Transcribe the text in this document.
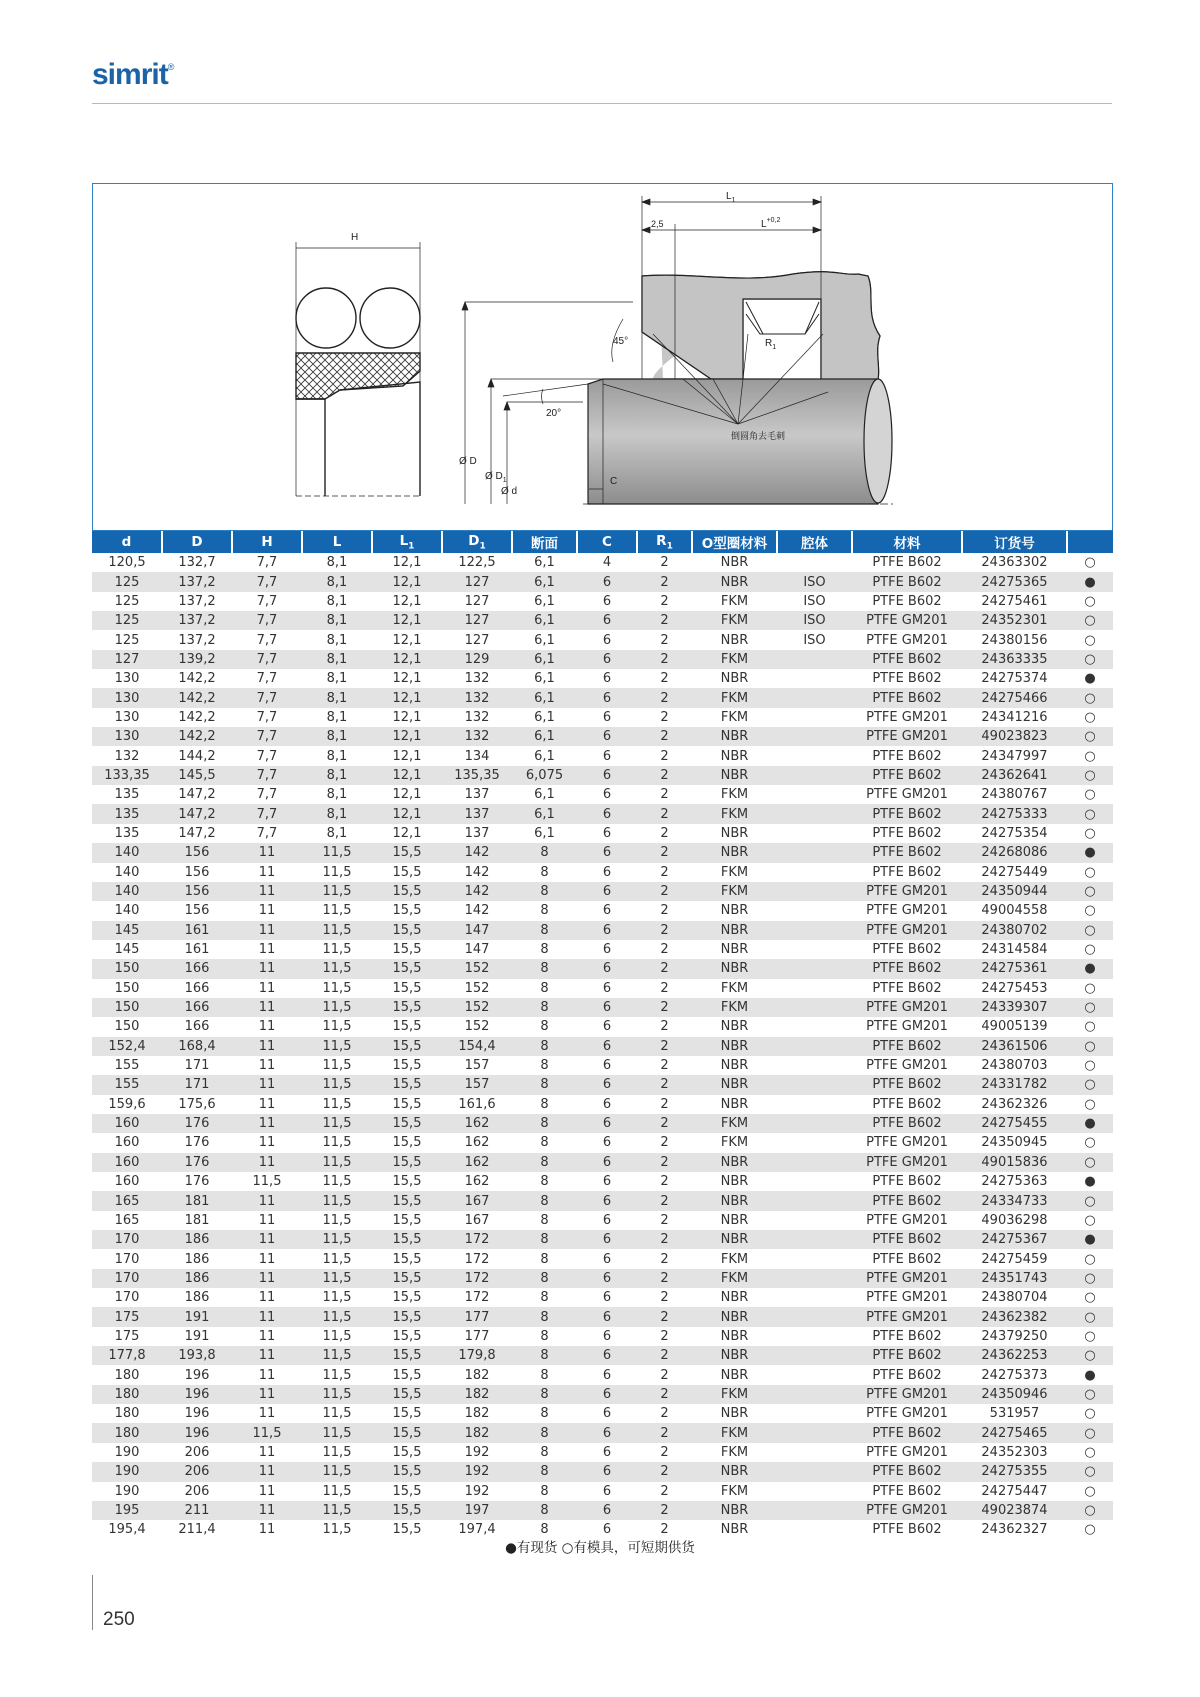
simrit®
H
Ø D
Ø $D_1$
Ø d
$L_1$
2,5	$L^{+0,2}$
45°
20°
$R_1$
C
倒圆角去毛刺
d	D	H	L	$L_1$	$D_1$	断面	C	$R_1$	O型圈材料	腔体	材料	订货号	
120,5	132,7	7,7	8,1	12,1	122,5	6,1	4	2	NBR		PTFE B602	24363302	○
125	137,2	7,7	8,1	12,1	127	6,1	6	2	NBR	ISO	PTFE B602	24275365	●
125	137,2	7,7	8,1	12,1	127	6,1	6	2	FKM	ISO	PTFE B602	24275461	○
125	137,2	7,7	8,1	12,1	127	6,1	6	2	FKM	ISO	PTFE GM201	24352301	○
125	137,2	7,7	8,1	12,1	127	6,1	6	2	NBR	ISO	PTFE GM201	24380156	○
127	139,2	7,7	8,1	12,1	129	6,1	6	2	FKM		PTFE B602	24363335	○
130	142,2	7,7	8,1	12,1	132	6,1	6	2	NBR		PTFE B602	24275374	●
130	142,2	7,7	8,1	12,1	132	6,1	6	2	FKM		PTFE B602	24275466	○
130	142,2	7,7	8,1	12,1	132	6,1	6	2	FKM		PTFE GM201	24341216	○
130	142,2	7,7	8,1	12,1	132	6,1	6	2	NBR		PTFE GM201	49023823	○
132	144,2	7,7	8,1	12,1	134	6,1	6	2	NBR		PTFE B602	24347997	○
133,35	145,5	7,7	8,1	12,1	135,35	6,075	6	2	NBR		PTFE B602	24362641	○
135	147,2	7,7	8,1	12,1	137	6,1	6	2	FKM		PTFE GM201	24380767	○
135	147,2	7,7	8,1	12,1	137	6,1	6	2	FKM		PTFE B602	24275333	○
135	147,2	7,7	8,1	12,1	137	6,1	6	2	NBR		PTFE B602	24275354	○
140	156	11	11,5	15,5	142	8	6	2	NBR		PTFE B602	24268086	●
140	156	11	11,5	15,5	142	8	6	2	FKM		PTFE B602	24275449	○
140	156	11	11,5	15,5	142	8	6	2	FKM		PTFE GM201	24350944	○
140	156	11	11,5	15,5	142	8	6	2	NBR		PTFE GM201	49004558	○
145	161	11	11,5	15,5	147	8	6	2	NBR		PTFE GM201	24380702	○
145	161	11	11,5	15,5	147	8	6	2	NBR		PTFE B602	24314584	○
150	166	11	11,5	15,5	152	8	6	2	NBR		PTFE B602	24275361	●
150	166	11	11,5	15,5	152	8	6	2	FKM		PTFE B602	24275453	○
150	166	11	11,5	15,5	152	8	6	2	FKM		PTFE GM201	24339307	○
150	166	11	11,5	15,5	152	8	6	2	NBR		PTFE GM201	49005139	○
152,4	168,4	11	11,5	15,5	154,4	8	6	2	NBR		PTFE B602	24361506	○
155	171	11	11,5	15,5	157	8	6	2	NBR		PTFE GM201	24380703	○
155	171	11	11,5	15,5	157	8	6	2	NBR		PTFE B602	24331782	○
159,6	175,6	11	11,5	15,5	161,6	8	6	2	NBR		PTFE B602	24362326	○
160	176	11	11,5	15,5	162	8	6	2	FKM		PTFE B602	24275455	●
160	176	11	11,5	15,5	162	8	6	2	FKM		PTFE GM201	24350945	○
160	176	11	11,5	15,5	162	8	6	2	NBR		PTFE GM201	49015836	○
160	176	11,5	11,5	15,5	162	8	6	2	NBR		PTFE B602	24275363	●
165	181	11	11,5	15,5	167	8	6	2	NBR		PTFE B602	24334733	○
165	181	11	11,5	15,5	167	8	6	2	NBR		PTFE GM201	49036298	○
170	186	11	11,5	15,5	172	8	6	2	NBR		PTFE B602	24275367	●
170	186	11	11,5	15,5	172	8	6	2	FKM		PTFE B602	24275459	○
170	186	11	11,5	15,5	172	8	6	2	FKM		PTFE GM201	24351743	○
170	186	11	11,5	15,5	172	8	6	2	NBR		PTFE GM201	24380704	○
175	191	11	11,5	15,5	177	8	6	2	NBR		PTFE GM201	24362382	○
175	191	11	11,5	15,5	177	8	6	2	NBR		PTFE B602	24379250	○
177,8	193,8	11	11,5	15,5	179,8	8	6	2	NBR		PTFE B602	24362253	○
180	196	11	11,5	15,5	182	8	6	2	NBR		PTFE B602	24275373	●
180	196	11	11,5	15,5	182	8	6	2	FKM		PTFE GM201	24350946	○
180	196	11	11,5	15,5	182	8	6	2	NBR		PTFE GM201	531957	○
180	196	11,5	11,5	15,5	182	8	6	2	FKM		PTFE B602	24275465	○
190	206	11	11,5	15,5	192	8	6	2	FKM		PTFE GM201	24352303	○
190	206	11	11,5	15,5	192	8	6	2	NBR		PTFE B602	24275355	○
190	206	11	11,5	15,5	192	8	6	2	FKM		PTFE B602	24275447	○
195	211	11	11,5	15,5	197	8	6	2	NBR		PTFE GM201	49023874	○
195,4	211,4	11	11,5	15,5	197,4	8	6	2	NBR		PTFE B602	24362327	○
●有现货 ○有模具，可短期供货
250
